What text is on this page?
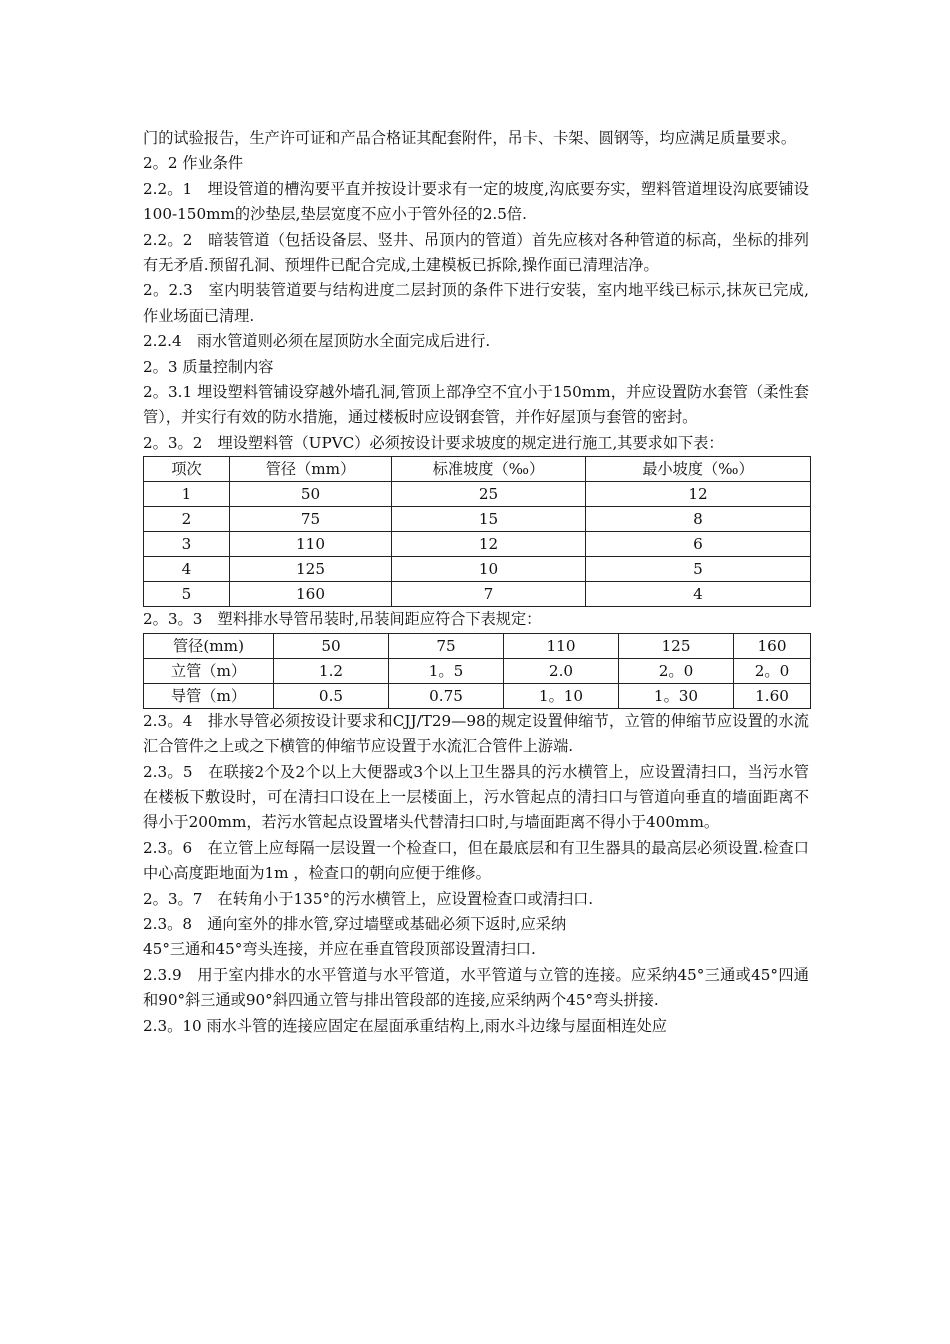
门的试验报告，生产许可证和产品合格证其配套附件，吊卡、卡架、圆钢等，均应满足质量要求。

2。2 作业条件

2.2。1　埋设管道的槽沟要平直并按设计要求有一定的坡度,沟底要夯实，塑料管道埋设沟底要铺设100-150mm的沙垫层,垫层宽度不应小于管外径的2.5倍.

2.2。2　暗装管道（包括设备层、竖井、吊顶内的管道）首先应核对各种管道的标高，坐标的排列有无矛盾.预留孔洞、预埋件已配合完成,土建模板已拆除,操作面已清理洁净。

2。2.3　室内明装管道要与结构进度二层封顶的条件下进行安装，室内地平线已标示,抹灰已完成,作业场面已清理.

2.2.4　雨水管道则必须在屋顶防水全面完成后进行.

2。3 质量控制内容

2。3.1 埋设塑料管铺设穿越外墙孔洞,管顶上部净空不宜小于150mm，并应设置防水套管（柔性套管），并实行有效的防水措施，通过楼板时应设钢套管，并作好屋顶与套管的密封。

2。3。2　埋设塑料管（UPVC）必须按设计要求坡度的规定进行施工,其要求如下表：

项次	管径（mm）	标准坡度（‰）	最小坡度（‰）
1	50	25	12
2	75	15	8
3	110	12	6
4	125	10	5
5	160	7	4

2。3。3　塑料排水导管吊装时,吊装间距应符合下表规定：

管径(mm)	50	75	110	125	160
立管（m）	1.2	1。5	2.0	2。0	2。0
导管（m）	0.5	0.75	1。10	1。30	1.60

2.3。4　排水导管必须按设计要求和CJJ/T29—98的规定设置伸缩节，立管的伸缩节应设置的水流汇合管件之上或之下横管的伸缩节应设置于水流汇合管件上游端.

2.3。5　在联接2个及2个以上大便器或3个以上卫生器具的污水横管上，应设置清扫口，当污水管在楼板下敷设时，可在清扫口设在上一层楼面上，污水管起点的清扫口与管道向垂直的墙面距离不得小于200mm，若污水管起点设置堵头代替清扫口时,与墙面距离不得小于400mm。

2.3。6　在立管上应每隔一层设置一个检查口，但在最底层和有卫生器具的最高层必须设置.检查口中心高度距地面为1m ，检查口的朝向应便于维修。

2。3。7　在转角小于135°的污水横管上，应设置检查口或清扫口.

2.3。8　通向室外的排水管,穿过墙壁或基础必须下返时,应采纳

45°三通和45°弯头连接，并应在垂直管段顶部设置清扫口.

2.3.9　用于室内排水的水平管道与水平管道，水平管道与立管的连接。应采纳45°三通或45°四通和90°斜三通或90°斜四通立管与排出管段部的连接,应采纳两个45°弯头拼接.

2.3。10 雨水斗管的连接应固定在屋面承重结构上,雨水斗边缘与屋面相连处应
